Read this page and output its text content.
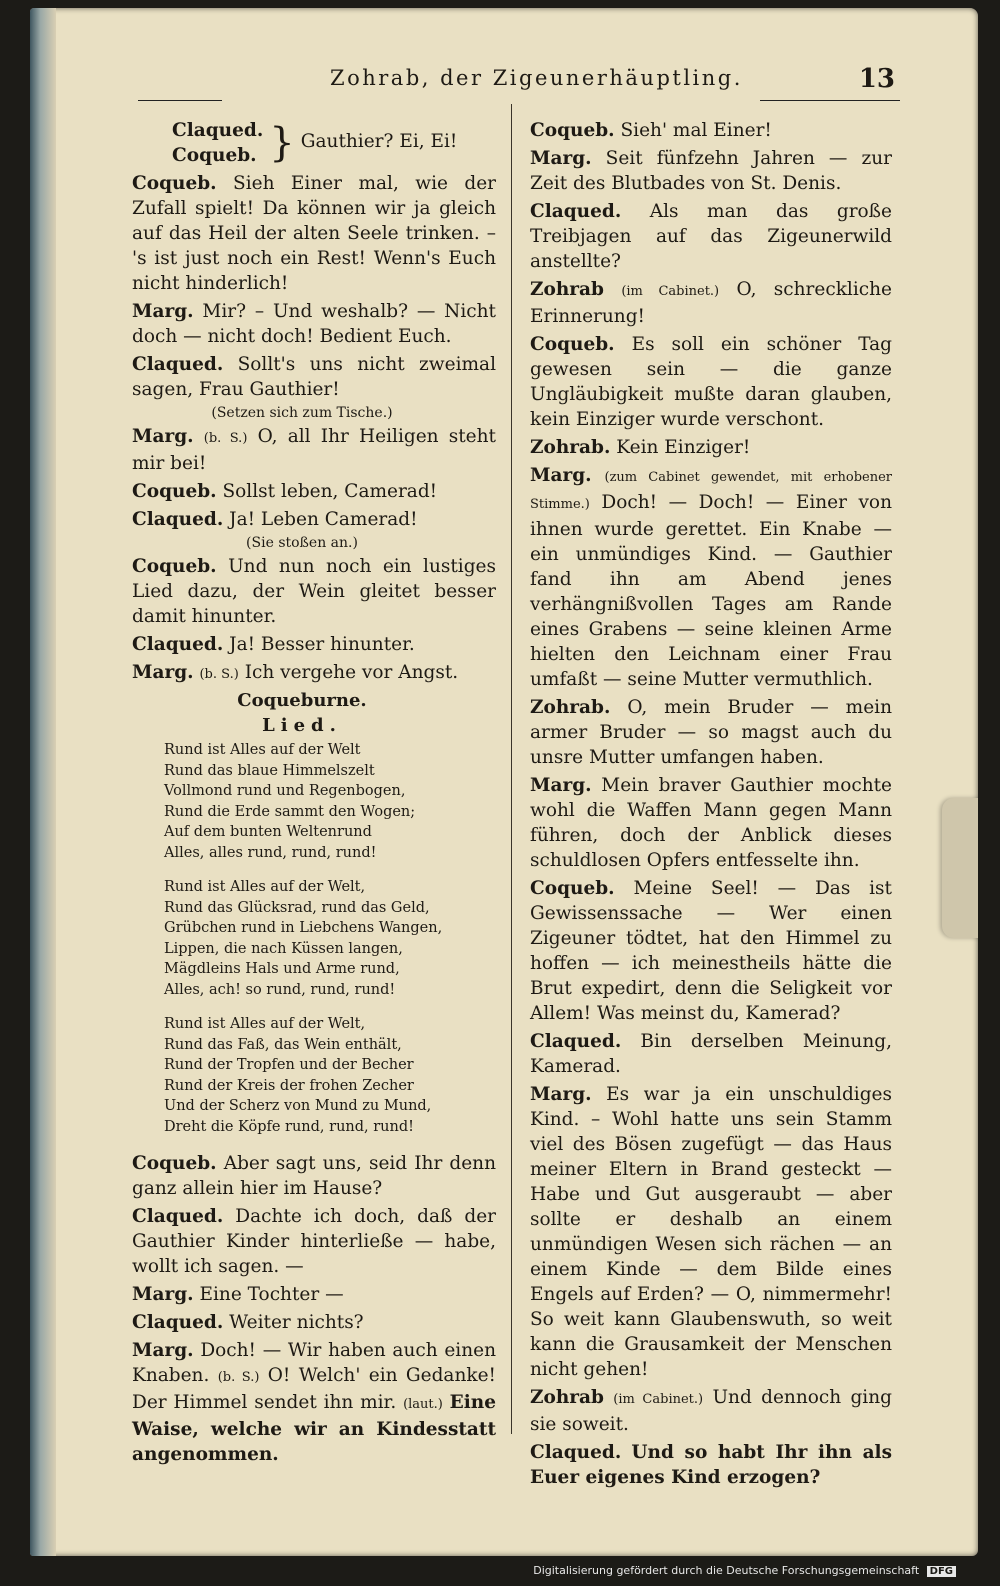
Zohrab, der Zigeunerhäuptling.	13
Claqued.
Coqueb. } Gauthier? Ei, Ei!

Coqueb. Sieh Einer mal, wie der Zufall spielt! Da können wir ja gleich auf das Heil der alten Seele trinken. – 's ist just noch ein Rest! Wenn's Euch nicht hinderlich!

Marg. Mir? – Und weshalb? — Nicht doch — nicht doch! Bedient Euch.

Claqued. Sollt's uns nicht zweimal sagen, Frau Gauthier!

(Setzen sich zum Tische.)

Marg. (b. S.) O, all Ihr Heiligen steht mir bei!

Coqueb. Sollst leben, Camerad!

Claqued. Ja! Leben Camerad!

(Sie stoßen an.)

Coqueb. Und nun noch ein lustiges Lied dazu, der Wein gleitet besser damit hinunter.

Claqued. Ja! Besser hinunter.

Marg. (b. S.) Ich vergehe vor Angst.

Coqueburne.
Lied.
Rund ist Alles auf der Welt
Rund das blaue Himmelszelt
Vollmond rund und Regenbogen,
Rund die Erde sammt den Wogen;
Auf dem bunten Weltenrund
Alles, alles rund, rund, rund!
Rund ist Alles auf der Welt,
Rund das Glücksrad, rund das Geld,
Grübchen rund in Liebchens Wangen,
Lippen, die nach Küssen langen,
Mägdleins Hals und Arme rund,
Alles, ach! so rund, rund, rund!
Rund ist Alles auf der Welt,
Rund das Faß, das Wein enthält,
Rund der Tropfen und der Becher
Rund der Kreis der frohen Zecher
Und der Scherz von Mund zu Mund,
Dreht die Köpfe rund, rund, rund!

Coqueb. Aber sagt uns, seid Ihr denn ganz allein hier im Hause?

Claqued. Dachte ich doch, daß der Gauthier Kinder hinterließe — habe, wollt ich sagen. —

Marg. Eine Tochter —

Claqued. Weiter nichts?

Marg. Doch! — Wir haben auch einen Knaben. (b. S.) O! Welch' ein Gedanke! Der Himmel sendet ihn mir. (laut.) Eine Waise, welche wir an Kindesstatt angenommen.

Coqueb. Sieh' mal Einer!

Marg. Seit fünfzehn Jahren — zur Zeit des Blutbades von St. Denis.

Claqued. Als man das große Treibjagen auf das Zigeunerwild anstellte?

Zohrab (im Cabinet.) O, schreckliche Erinnerung!

Coqueb. Es soll ein schöner Tag gewesen sein — die ganze Ungläubigkeit mußte daran glauben, kein Einziger wurde verschont.

Zohrab. Kein Einziger!

Marg. (zum Cabinet gewendet, mit erhobener Stimme.) Doch! — Doch! — Einer von ihnen wurde gerettet. Ein Knabe — ein unmündiges Kind. — Gauthier fand ihn am Abend jenes verhängnißvollen Tages am Rande eines Grabens — seine kleinen Arme hielten den Leichnam einer Frau umfaßt — seine Mutter vermuthlich.

Zohrab. O, mein Bruder — mein armer Bruder — so magst auch du unsre Mutter umfangen haben.

Marg. Mein braver Gauthier mochte wohl die Waffen Mann gegen Mann führen, doch der Anblick dieses schuldlosen Opfers entfesselte ihn.

Coqueb. Meine Seel! — Das ist Gewissenssache — Wer einen Zigeuner tödtet, hat den Himmel zu hoffen — ich meinestheils hätte die Brut expedirt, denn die Seligkeit vor Allem! Was meinst du, Kamerad?

Claqued. Bin derselben Meinung, Kamerad.

Marg. Es war ja ein unschuldiges Kind. – Wohl hatte uns sein Stamm viel des Bösen zugefügt — das Haus meiner Eltern in Brand gesteckt — Habe und Gut ausgeraubt — aber sollte er deshalb an einem unmündigen Wesen sich rächen — an einem Kinde — dem Bilde eines Engels auf Erden? — O, nimmermehr! So weit kann Glaubenswuth, so weit kann die Grausamkeit der Menschen nicht gehen!

Zohrab (im Cabinet.) Und dennoch ging sie soweit.

Claqued. Und so habt Ihr ihn als Euer eigenes Kind erzogen?

Digitalisierung gefördert durch die Deutsche Forschungsgemeinschaft DFG
